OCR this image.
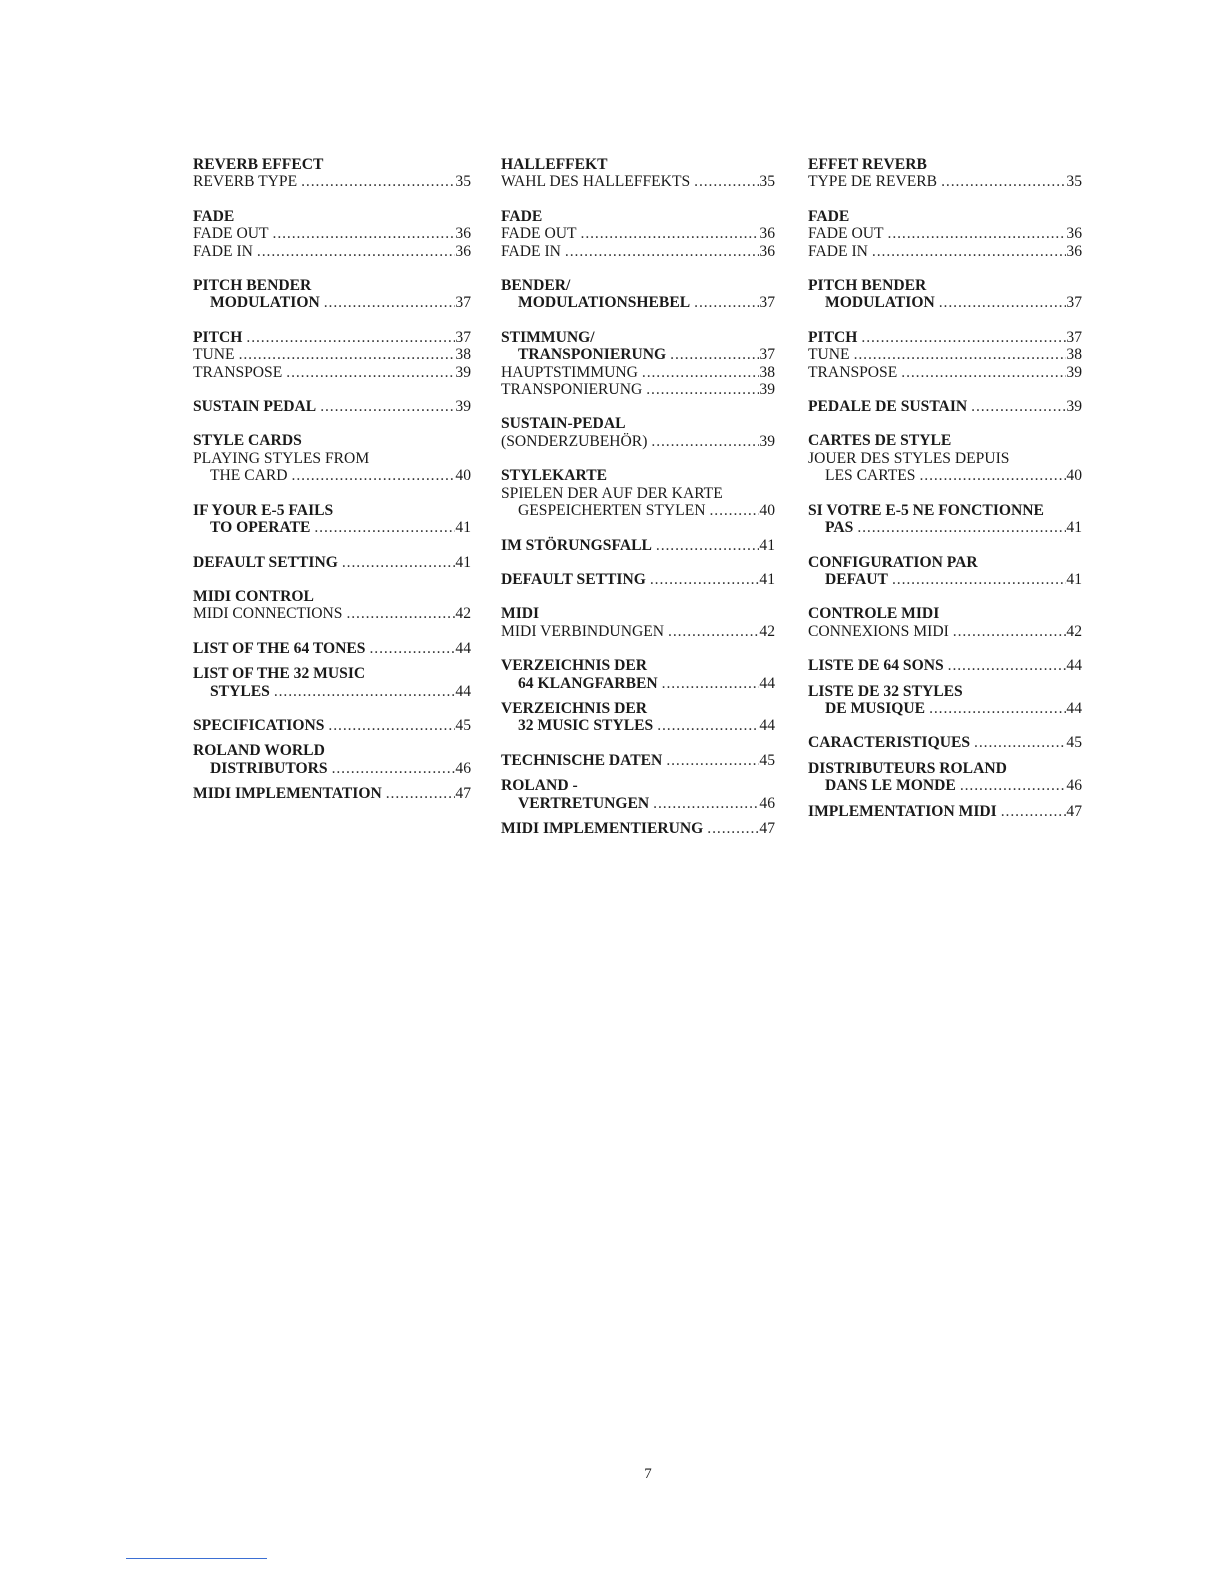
REVERB EFFECT
REVERB TYPE . . .	35
FADE
FADE OUT . . .	36
FADE IN . . .	36
PITCH BENDER
MODULATION . . .	37
PITCH . . .	37
TUNE . . .	38
TRANSPOSE . . .	39
SUSTAIN PEDAL . . .	39
STYLE CARDS
PLAYING STYLES FROM
THE CARD . . .	40
IF YOUR E-5 FAILS
TO OPERATE . . .	41
DEFAULT SETTING . . .	41
MIDI CONTROL
MIDI CONNECTIONS . . .	42
LIST OF THE 64 TONES . . .	44
LIST OF THE 32 MUSIC
STYLES . . .	44
SPECIFICATIONS . . .	45
ROLAND WORLD
DISTRIBUTORS . . .	46
MIDI IMPLEMENTATION . . .	47
HALLEFFEKT
WAHL DES HALLEFFEKTS . . .	35
FADE
FADE OUT . . .	36
FADE IN . . .	36
BENDER/
MODULATIONSHEBEL . . .	37
STIMMUNG/
TRANSPONIERUNG . . .	37
HAUPTSTIMMUNG . . .	38
TRANSPONIERUNG . . .	39
SUSTAIN-PEDAL
(SONDERZUBEHÖR) . . .	39
STYLEKARTE
SPIELEN DER AUF DER KARTE
GESPEICHERTEN STYLEN . . .	40
IM STÖRUNGSFALL . . .	41
DEFAULT SETTING . . .	41
MIDI
MIDI VERBINDUNGEN . . .	42
VERZEICHNIS DER
64 KLANGFARBEN . . .	44
VERZEICHNIS DER
32 MUSIC STYLES . . .	44
TECHNISCHE DATEN . . .	45
ROLAND -
VERTRETUNGEN . . .	46
MIDI IMPLEMENTIERUNG . . .	47
EFFET REVERB
TYPE DE REVERB . . .	35
FADE
FADE OUT . . .	36
FADE IN . . .	36
PITCH BENDER
MODULATION . . .	37
PITCH . . .	37
TUNE . . .	38
TRANSPOSE . . .	39
PEDALE DE SUSTAIN . . .	39
CARTES DE STYLE
JOUER DES STYLES DEPUIS
LES CARTES . . .	40
SI VOTRE E-5 NE FONCTIONNE
PAS . . .	41
CONFIGURATION PAR
DEFAUT . . .	41
CONTROLE MIDI
CONNEXIONS MIDI . . .	42
LISTE DE 64 SONS . . .	44
LISTE DE 32 STYLES
DE MUSIQUE . . .	44
CARACTERISTIQUES . . .	45
DISTRIBUTEURS ROLAND
DANS LE MONDE . . .	46
IMPLEMENTATION MIDI . . .	47
7
